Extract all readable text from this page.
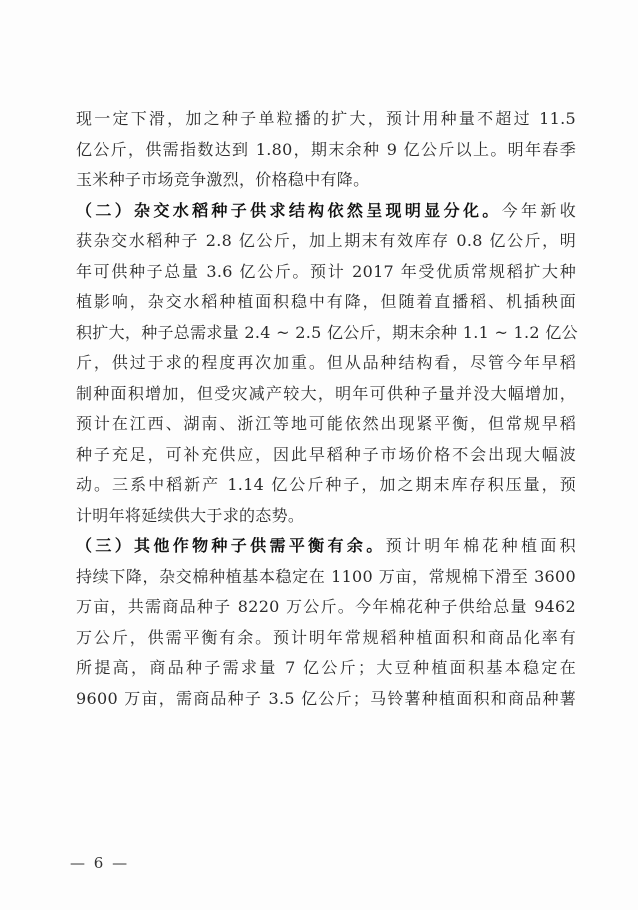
现一定下滑，加之种子单粒播的扩大，预计用种量不超过 11.5
亿公斤，供需指数达到 1.80，期末余种 9 亿公斤以上。明年春季
玉米种子市场竞争激烈，价格稳中有降。
（二）杂交水稻种子供求结构依然呈现明显分化。今年新收
获杂交水稻种子 2.8 亿公斤，加上期末有效库存 0.8 亿公斤，明
年可供种子总量 3.6 亿公斤。预计 2017 年受优质常规稻扩大种
植影响，杂交水稻种植面积稳中有降，但随着直播稻、机插秧面
积扩大，种子总需求量 2.4 ~ 2.5 亿公斤，期末余种 1.1 ~ 1.2 亿公
斤，供过于求的程度再次加重。但从品种结构看，尽管今年早稻
制种面积增加，但受灾减产较大，明年可供种子量并没大幅增加，
预计在江西、湖南、浙江等地可能依然出现紧平衡，但常规早稻
种子充足，可补充供应，因此早稻种子市场价格不会出现大幅波
动。三系中稻新产 1.14 亿公斤种子，加之期末库存积压量，预
计明年将延续供大于求的态势。
（三）其他作物种子供需平衡有余。预计明年棉花种植面积
持续下降，杂交棉种植基本稳定在 1100 万亩，常规棉下滑至 3600
万亩，共需商品种子 8220 万公斤。今年棉花种子供给总量 9462
万公斤，供需平衡有余。预计明年常规稻种植面积和商品化率有
所提高，商品种子需求量 7 亿公斤；大豆种植面积基本稳定在
9600 万亩，需商品种子 3.5 亿公斤；马铃薯种植面积和商品种薯
— 6 —
